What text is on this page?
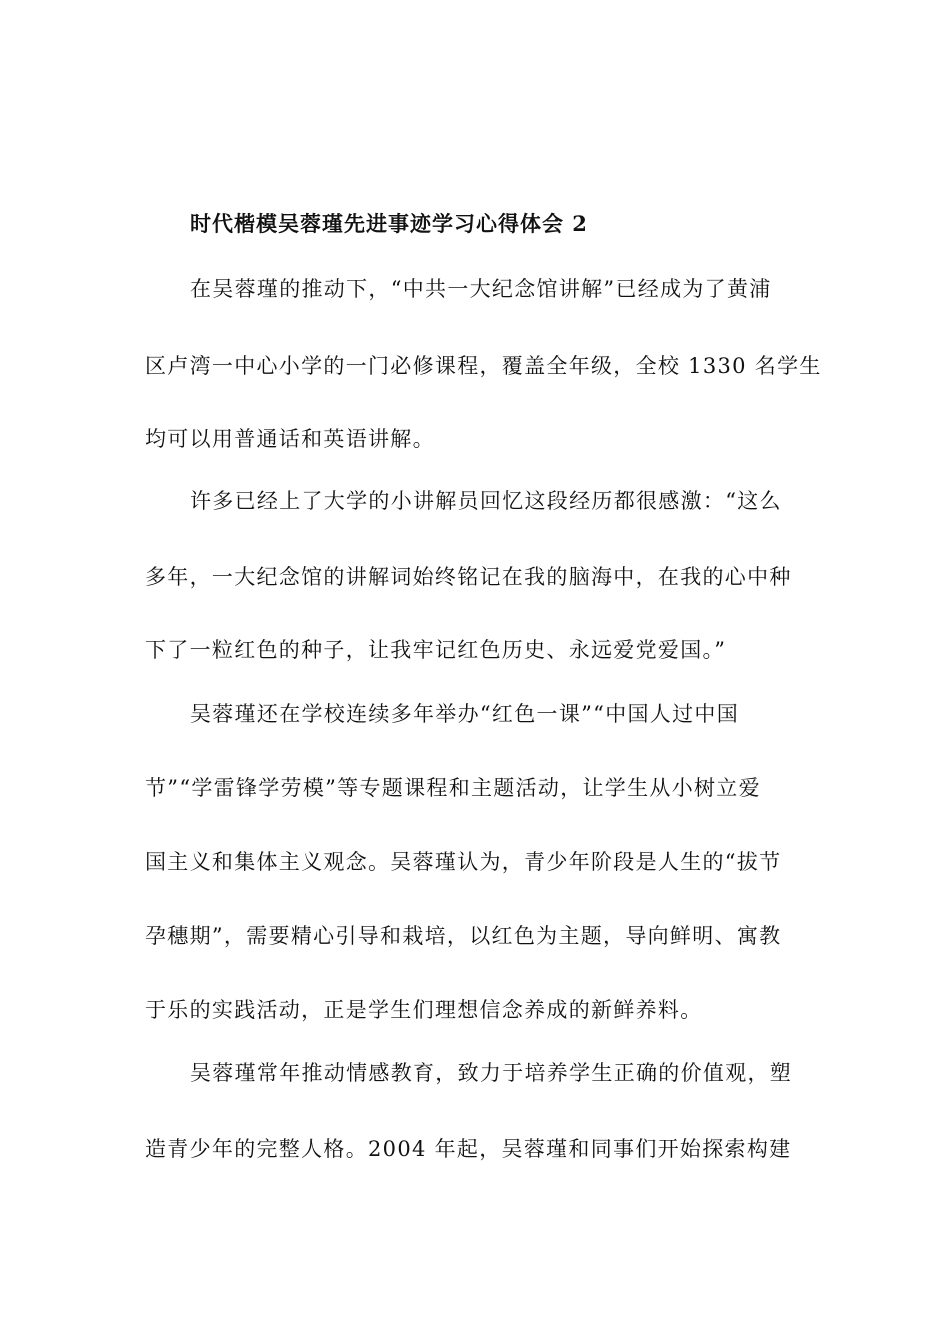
时代楷模吴蓉瑾先进事迹学习心得体会 2
在吴蓉瑾的推动下，“中共一大纪念馆讲解”已经成为了黄浦
区卢湾一中心小学的一门必修课程，覆盖全年级，全校 1330 名学生
均可以用普通话和英语讲解。
许多已经上了大学的小讲解员回忆这段经历都很感激：“这么
多年，一大纪念馆的讲解词始终铭记在我的脑海中，在我的心中种
下了一粒红色的种子，让我牢记红色历史、永远爱党爱国。”
吴蓉瑾还在学校连续多年举办“红色一课”“中国人过中国
节”“学雷锋学劳模”等专题课程和主题活动，让学生从小树立爱
国主义和集体主义观念。吴蓉瑾认为，青少年阶段是人生的“拔节
孕穗期”，需要精心引导和栽培，以红色为主题，导向鲜明、寓教
于乐的实践活动，正是学生们理想信念养成的新鲜养料。
吴蓉瑾常年推动情感教育，致力于培养学生正确的价值观，塑
造青少年的完整人格。2004 年起，吴蓉瑾和同事们开始探索构建
